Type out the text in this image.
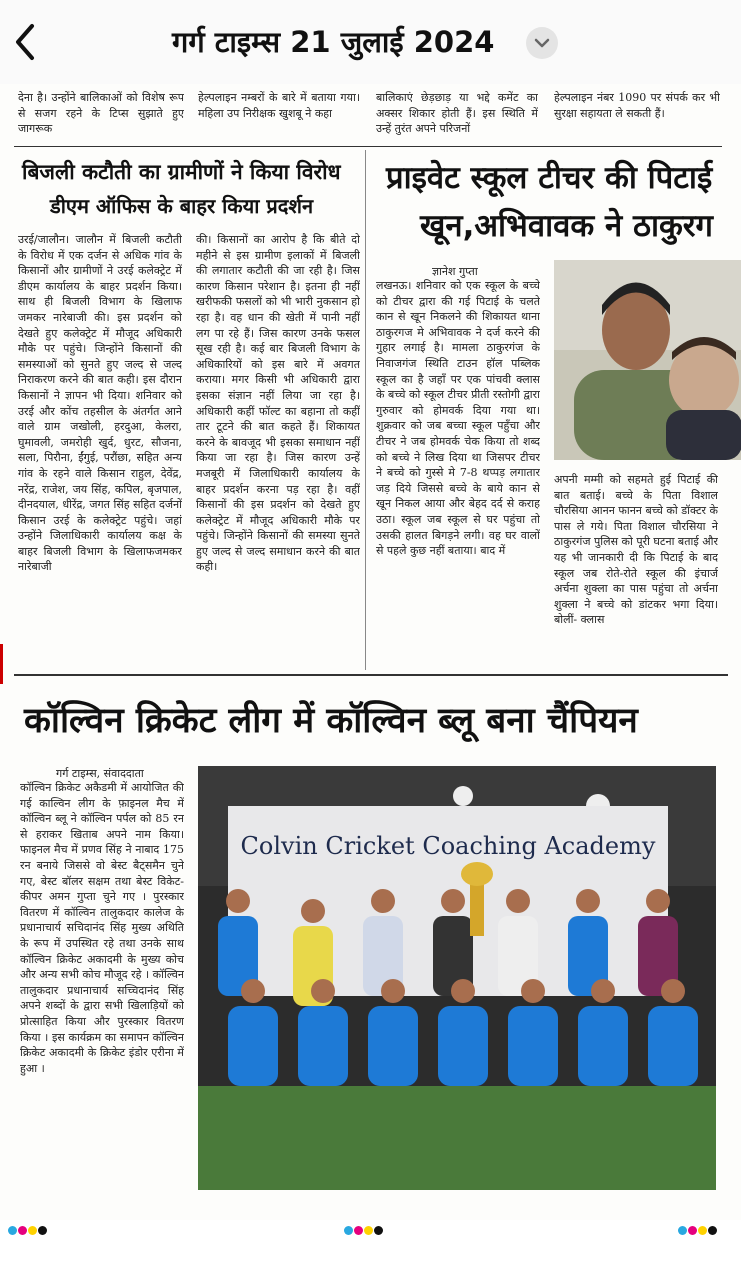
गर्ग टाइम्स 21 जुलाई 2024
देना है। उन्होंने बालिकाओं को विशेष रूप से सजग रहने के टिप्स सुझाते हुए जागरूक
हेल्पलाइन नम्बरों के बारे में बताया गया। महिला उप निरीक्षक खुशबू ने कहा
बालिकाएं छेड़छाड़ या भद्दे कमेंट का अक्सर शिकार होती हैं। इस स्थिति में उन्हें तुरंत अपने परिजनों
हेल्पलाइन नंबर 1090 पर संपर्क कर भी सुरक्षा सहायता ले सकती हैं।
बिजली कटौती का ग्रामीणों ने किया विरोध
डीएम ऑफिस के बाहर किया प्रदर्शन
उरई/जालौन। जालौन में बिजली कटौती के विरोध में एक दर्जन से अधिक गांव के किसानों और ग्रामीणों ने उरई कलेक्ट्रेट में डीएम कार्यालय के बाहर प्रदर्शन किया। साथ ही बिजली विभाग के खिलाफ जमकर नारेबाजी की। इस प्रदर्शन को देखते हुए कलेक्ट्रेट में मौजूद अधिकारी मौके पर पहुंचे। जिन्होंने किसानों की समस्याओं को सुनते हुए जल्द से जल्द निराकरण करने की बात कही। इस दौरान किसानों ने ज्ञापन भी दिया। शनिवार को उरई और कोंच तहसील के अंतर्गत आने वाले ग्राम जखोली, हरदुआ, केलरा, घुमावली, जमरोही खुर्द, धुरट, सौजना, सला, पिरौना, ईंगुई, परौंछा, सहित अन्य गांव के रहने वाले किसान राहुल, देवेंद्र, नरेंद्र, राजेश, जय सिंह, कपिल, बृजपाल, दीनदयाल, धीरेंद्र, जगत सिंह सहित दर्जनों किसान उरई के कलेक्ट्रेट पहुंचे। जहां उन्होंने जिलाधिकारी कार्यालय कक्ष के बाहर बिजली विभाग के खिलाफजमकर नारेबाजी
की। किसानों का आरोप है कि बीते दो महीने से इस ग्रामीण इलाकों में बिजली की लगातार कटौती की जा रही है। जिस कारण किसान परेशान है। इतना ही नहीं खरीफकी फसलों को भी भारी नुकसान हो रहा है। वह धान की खेती में पानी नहीं लग पा रहे हैं। जिस कारण उनके फसल सूख रही है। कई बार बिजली विभाग के अधिकारियों को इस बारे में अवगत कराया। मगर किसी भी अधिकारी द्वारा इसका संज्ञान नहीं लिया जा रहा है।अधिकारी कहीं फॉल्ट का बहाना तो कहीं तार टूटने की बात कहते हैं। शिकायत करने के बावजूद भी इसका समाधान नहीं किया जा रहा है। जिस कारण उन्हें मजबूरी में जिलाधिकारी कार्यालय के बाहर प्रदर्शन करना पड़ रहा है। वहीं किसानों की इस प्रदर्शन को देखते हुए कलेक्ट्रेट में मौजूद अधिकारी मौके पर पहुंचे। जिन्होंने किसानों की समस्या सुनते हुए जल्द से जल्द समाधान करने की बात कही।
प्राइवेट स्कूल टीचर की पिटाई
खून,अभिवावक ने ठाकुरग
ज्ञानेश गुप्ता
लखनऊ। शनिवार को एक स्कूल के बच्चे को टीचर द्वारा की गई पिटाई के चलते कान से खून निकलने की शिकायत थाना ठाकुरगज मे अभिवावक ने दर्ज करने की गुहार लगाई है। मामला ठाकुरगंज के निवाजगंज स्थिति टाउन हॉल पब्लिक स्कूल का है जहाँ पर एक पांचवी क्लास के बच्चे को स्कूल टीचर प्रीती रस्तोगी द्वारा गुरुवार को होमवर्क दिया गया था। शुक्रवार को जब बच्चा स्कूल पहुँचा और टीचर ने जब होमवर्क चेक किया तो शब्द को बच्चे ने लिख दिया था जिसपर टीचर ने बच्चे को गुस्से मे 7-8 थप्पड़ लगातार जड़ दिये जिससे बच्चे के बाये कान से खून निकल आया और बेहद दर्द से कराह उठा। स्कूल जब स्कूल से घर पहुंचा तो उसकी हालत बिगड़ने लगी। वह घर वालों से पहले कुछ नहीं बताया। बाद में
अपनी मम्मी को सहमते हुई पिटाई की बात बताई। बच्चे के पिता विशाल चौरसिया आनन फानन बच्चे को डॉक्टर के पास ले गये। पिता विशाल चौरसिया ने ठाकुरगंज पुलिस को पूरी घटना बताई और यह भी जानकारी दी कि पिटाई के बाद स्कूल जब रोते-रोते स्कूल की इंचार्ज अर्चना शुक्ला का पास पहुंचा तो अर्चना शुक्ला ने बच्चे को डांटकर भगा दिया। बोलीं- क्लास
कॉल्विन क्रिकेट लीग में कॉल्विन ब्लू बना चैंपियन
गर्ग टाइम्स, संवाददाता
कॉल्विन क्रिकेट अकैडमी में आयोजित की गई काल्विन लीग के फ़ाइनल मैच में कॉल्विन ब्लू ने कॉल्विन पर्पल को 85 रन से हराकर खिताब अपने नाम किया। फाइनल मैच में प्रणव सिंह ने नाबाद 175 रन बनाये जिससे वो बेस्ट बैट्समैन चुने गए, बेस्ट बॉलर सक्षम तथा बेस्ट विकेट-कीपर अमन गुप्ता चुने गए । पुरस्कार वितरण में कॉल्विन तालुकदार कालेज के प्रधानाचार्य सचिदानंद सिंह मुख्य अथिति के रूप में उपस्थित रहे तथा उनके साथ कॉल्विन क्रिकेट अकादमी के मुख्य कोच और अन्य सभी कोच मौजूद रहे । कॉल्विन तालुकदार प्रधानाचार्य सच्चिदानंद सिंह अपने शब्दों के द्वारा सभी खिलाड़ियों को प्रोत्साहित किया और पुरस्कार वितरण किया । इस कार्यक्रम का समापन कॉल्विन क्रिकेट अकादमी के क्रिकेट इंडोर एरीना में हुआ ।
Colvin Cricket Coaching Academy
